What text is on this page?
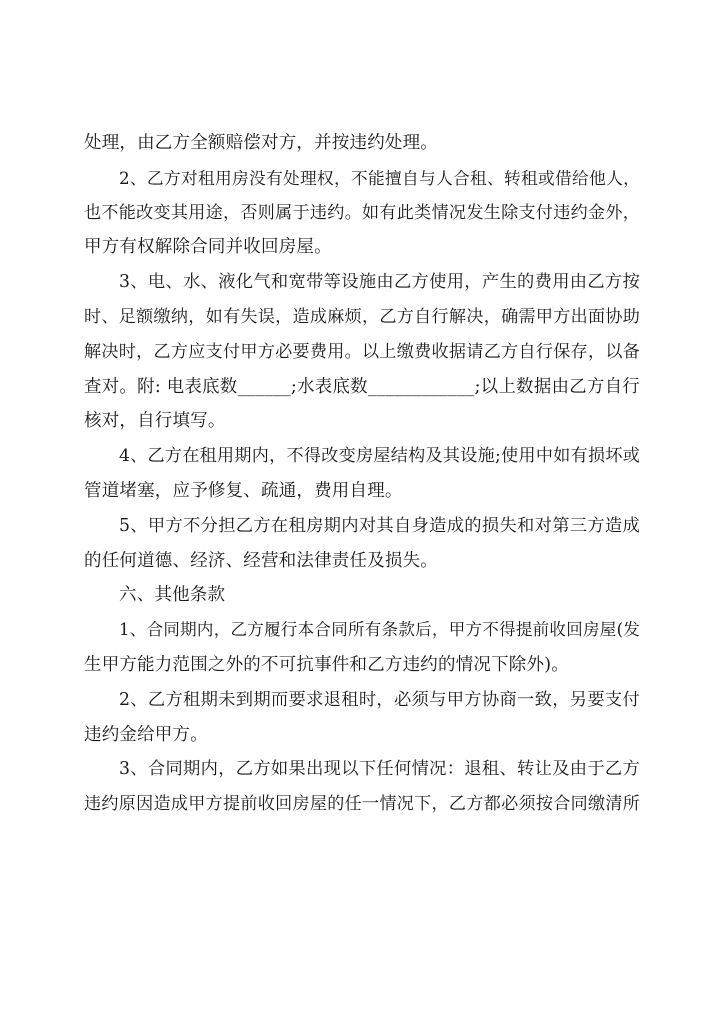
处理，由乙方全额赔偿对方，并按违约处理。
2、乙方对租用房没有处理权，不能擅自与人合租、转租或借给他人，
也不能改变其用途，否则属于违约。如有此类情况发生除支付违约金外，
甲方有权解除合同并收回房屋。
3、电、水、液化气和宽带等设施由乙方使用，产生的费用由乙方按
时、足额缴纳，如有失误，造成麻烦，乙方自行解决，确需甲方出面协助
解决时，乙方应支付甲方必要费用。以上缴费收据请乙方自行保存，以备
查对。附: 电表底数______;水表底数____________;以上数据由乙方自行
核对，自行填写。
4、乙方在租用期内，不得改变房屋结构及其设施;使用中如有损坏或
管道堵塞，应予修复、疏通，费用自理。
5、甲方不分担乙方在租房期内对其自身造成的损失和对第三方造成
的任何道德、经济、经营和法律责任及损失。
六、其他条款
1、合同期内，乙方履行本合同所有条款后，甲方不得提前收回房屋(发
生甲方能力范围之外的不可抗事件和乙方违约的情况下除外)。
2、乙方租期未到期而要求退租时，必须与甲方协商一致，另要支付
违约金给甲方。
3、合同期内，乙方如果出现以下任何情况：退租、转让及由于乙方
违约原因造成甲方提前收回房屋的任一情况下，乙方都必须按合同缴清所
